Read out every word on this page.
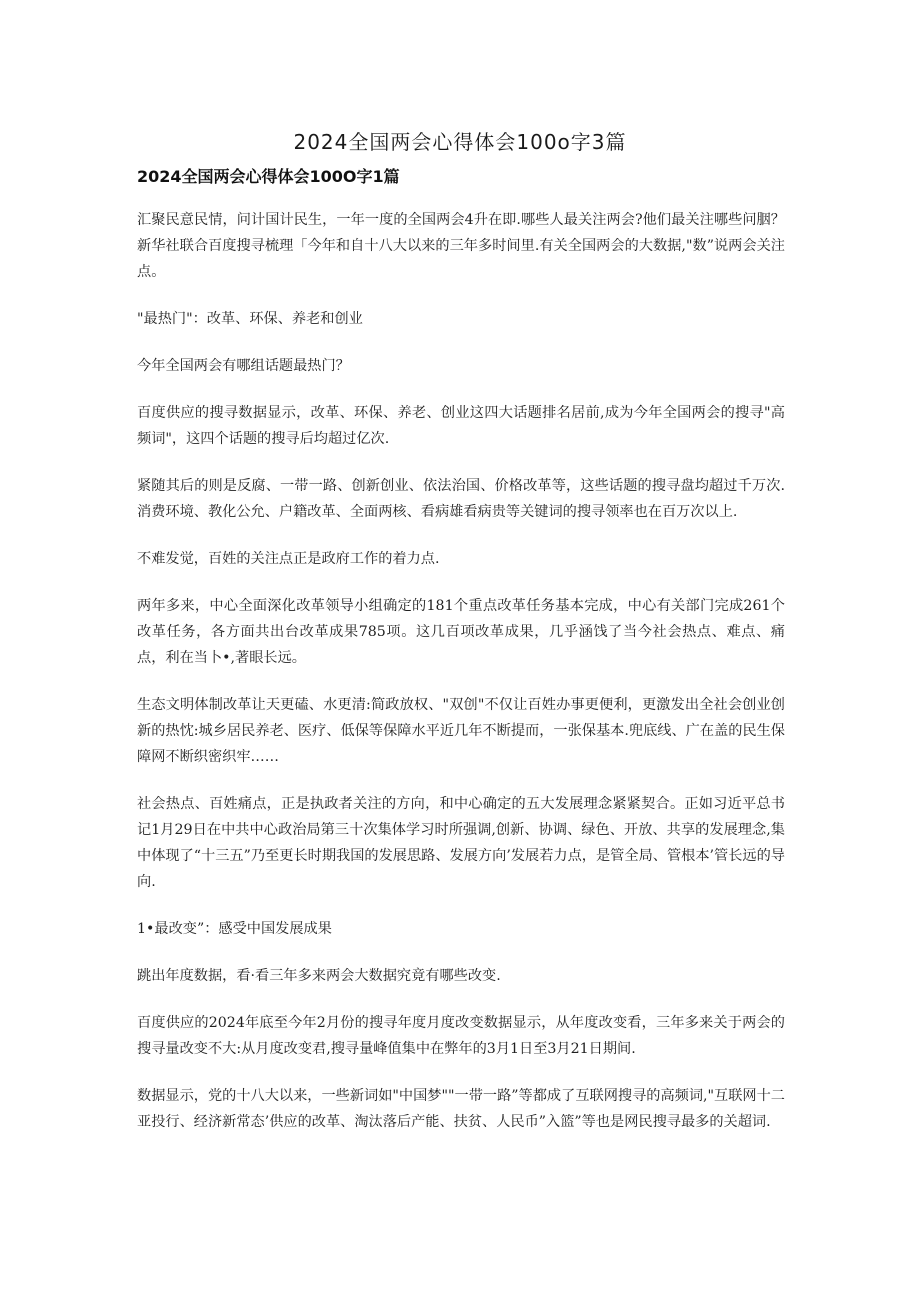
2024全国两会心得体会100o字3篇
2024全国两会心得体会100O字1篇

汇聚民意民情，问计国计民生，一年一度的全国两会4升在即.哪些人最关注两会?他们最关注哪些问胭？新华社联合百度搜寻梳理「今年和自十八大以来的三年多时间里.有关全国两会的大数据,"数”说两会关注点。

"最热门"：改革、环保、养老和创业

今年全国两会有哪组话题最热门？

百度供应的搜寻数据显示，改革、环保、养老、创业这四大话题排名居前,成为今年全国两会的搜寻"高频词"，这四个话题的搜寻后均超过亿次.

紧随其后的则是反腐、一带一路、创新创业、依法治国、价格改革等，这些话题的搜寻盘均超过千万次.消费环境、教化公允、户籍改革、全面两核、看病雄看病贵等关键词的搜寻领率也在百万次以上.

不难发觉，百姓的关注点正是政府工作的着力点.

两年多来，中心全面深化改革领导小组确定的181个重点改革任务基本完成，中心有关部门完成261个改革任务，各方面共出台改革成果785项。这几百项改革成果，几乎涵饯了当今社会热点、难点、痛点，利在当卜•,著眼长远。

生态文明体制改革让天更磕、水更清:简政放权、"双创"不仅让百姓办事更便利，更激发出全社会创业创新的热忱:城乡居民养老、医疗、低保等保障水平近几年不断提而，一张保基本.兜底线、广在盖的民生保障网不断织密织牢……

社会热点、百姓痛点，正是执政者关注的方向，和中心确定的五大发展理念紧紧契合。正如习近平总书记1月29日在中共中心政治局第三十次集体学习时所强调,创新、协调、绿色、开放、共享的发展理念,集中体现了“十三五”乃至更长时期我国的发展思路、发展方向’发展若力点，是管全局、管根本’管长远的导向.

1•最改变”：感受中国发展成果

跳出年度数据，看·看三年多来两会大数据究竟有哪些改变.

百度供应的2024年底至今年2月份的搜寻年度月度改变数据显示，从年度改变看，三年多来关于两会的搜寻量改变不大:从月度改变君,搜寻量峰值集中在弊年的3月1日至3月21日期间.

数据显示，党的十八大以来，一些新词如"中国梦""一带一路”等都成了互联网搜寻的高频词,"互联网十二亚投行、经济新常态’供应的改革、淘汰落后产能、扶贫、人民币”入篮”等也是网民搜寻最多的关超词.
